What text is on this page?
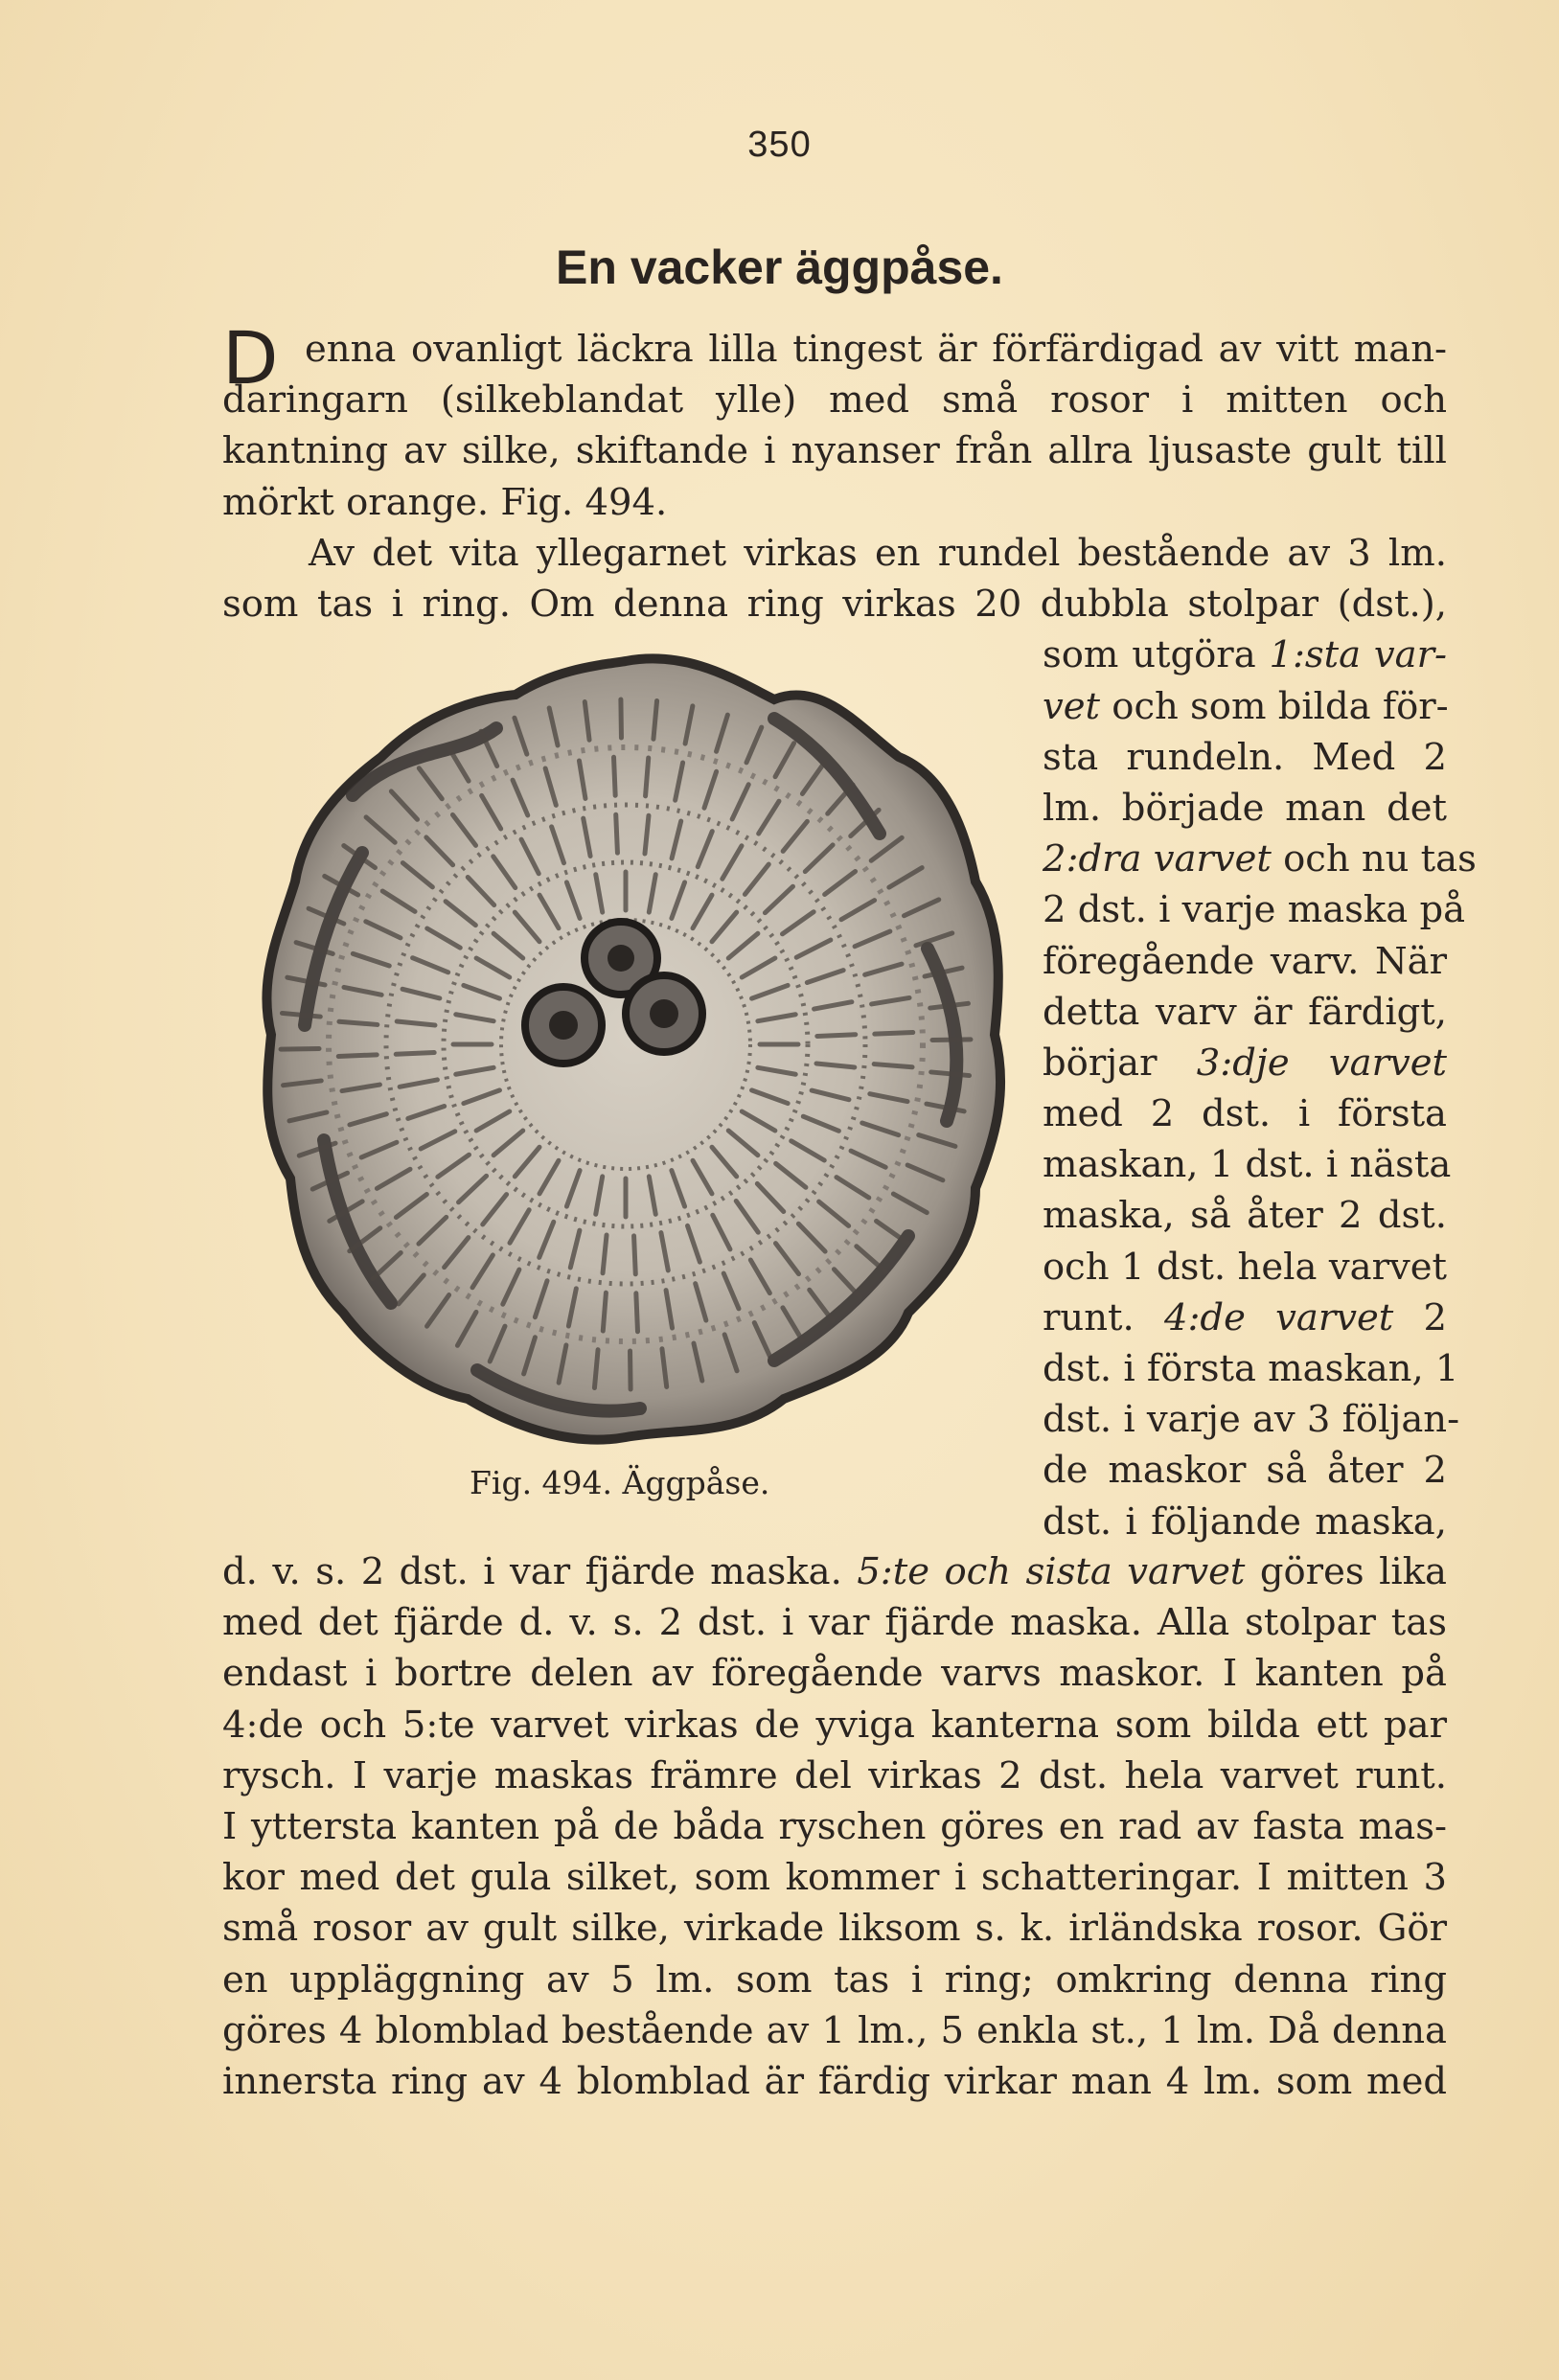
350
En vacker äggpåse.
D enna ovanligt läckra lilla tingest är förfärdigad av vitt man-
daringarn (silkeblandat ylle) med små rosor i mitten och
kantning av silke, skiftande i nyanser från allra ljusaste gult till
mörkt orange. Fig. 494.
Av det vita yllegarnet virkas en rundel bestående av 3 lm.
som tas i ring. Om denna ring virkas 20 dubbla stolpar (dst.),
som utgöra 1:sta var-
vet och som bilda för-
sta rundeln. Med 2
lm. började man det
2:dra varvet och nu tas
2 dst. i varje maska på
föregående varv. När
detta varv är färdigt,
börjar 3:dje varvet
med 2 dst. i första
maskan, 1 dst. i nästa
maska, så åter 2 dst.
och 1 dst. hela varvet
runt. 4:de varvet 2
dst. i första maskan, 1
dst. i varje av 3 följan-
de maskor så åter 2
dst. i följande maska,
Fig. 494. Äggpåse.
d. v. s. 2 dst. i var fjärde maska. 5:te och sista varvet göres lika
med det fjärde d. v. s. 2 dst. i var fjärde maska. Alla stolpar tas
endast i bortre delen av föregående varvs maskor. I kanten på
4:de och 5:te varvet virkas de yviga kanterna som bilda ett par
rysch. I varje maskas främre del virkas 2 dst. hela varvet runt.
I yttersta kanten på de båda ryschen göres en rad av fasta mas-
kor med det gula silket, som kommer i schatteringar. I mitten 3
små rosor av gult silke, virkade liksom s. k. irländska rosor. Gör
en uppläggning av 5 lm. som tas i ring; omkring denna ring
göres 4 blomblad bestående av 1 lm., 5 enkla st., 1 lm. Då denna
innersta ring av 4 blomblad är färdig virkar man 4 lm. som med
